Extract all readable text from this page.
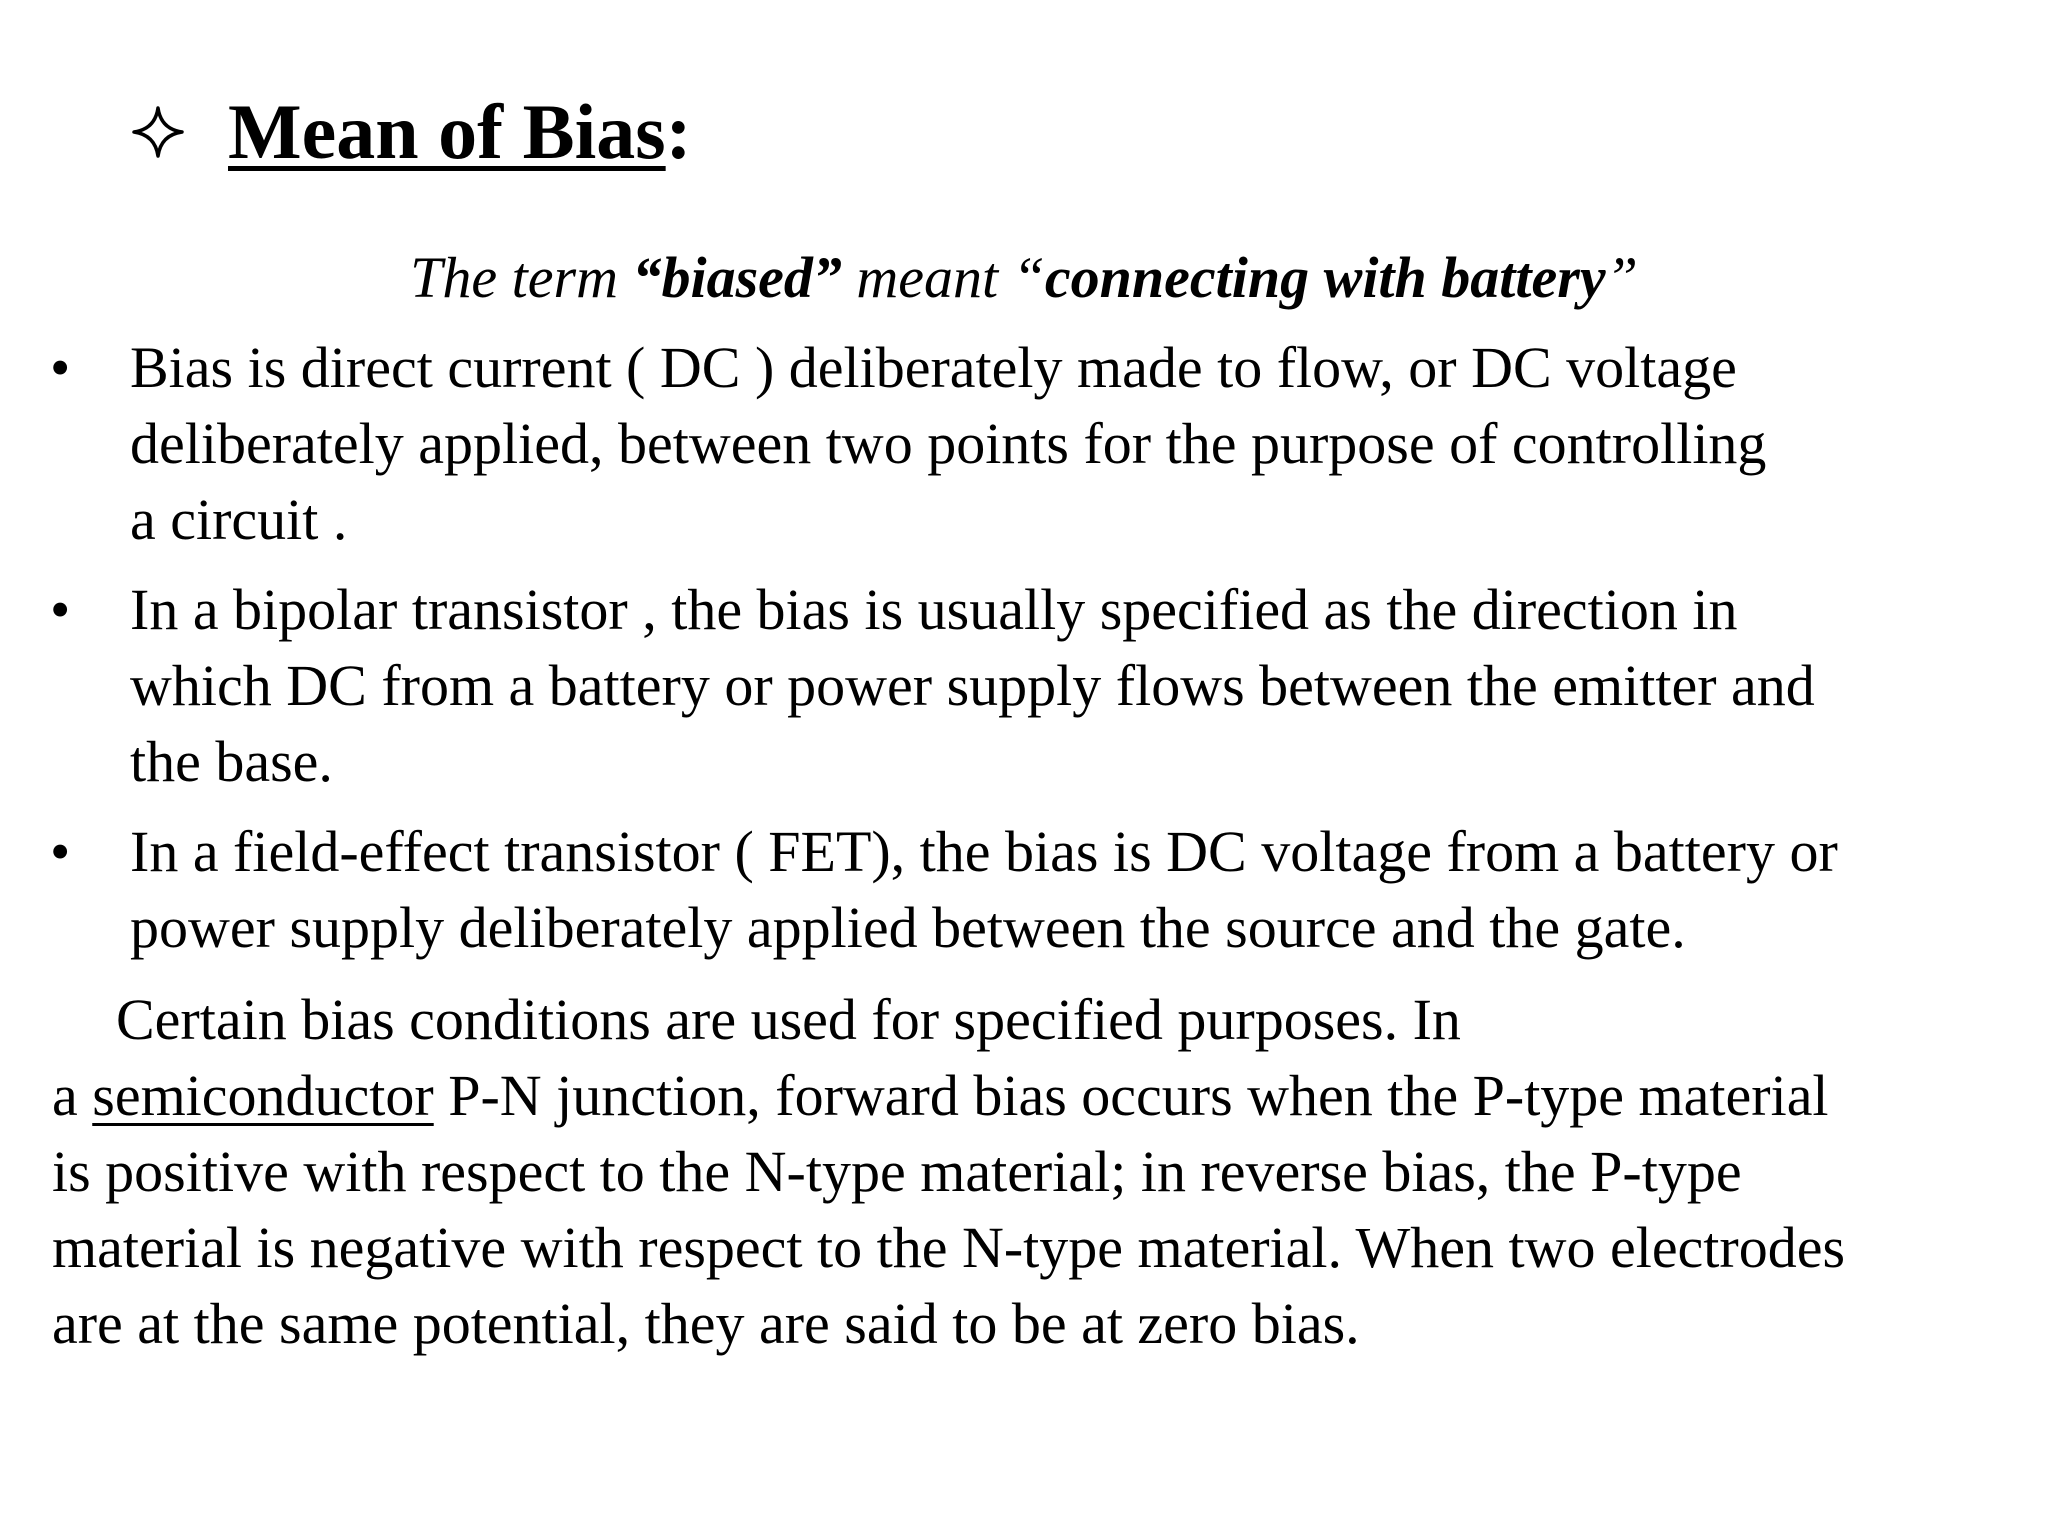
Mean of Bias:
The term “biased” meant “connecting with battery”
•	Bias is direct current ( DC ) deliberately made to flow, or DC voltage
deliberately applied, between two points for the purpose of controlling
a circuit .
•	In a bipolar transistor , the bias is usually specified as the direction in
which DC from a battery or power supply flows between the emitter and
the base.
•	In a field-effect transistor ( FET), the bias is DC voltage from a battery or
power supply deliberately applied between the source and the gate.
Certain bias conditions are used for specified purposes. In
a semiconductor P-N junction, forward bias occurs when the P-type material
is positive with respect to the N-type material; in reverse bias, the P-type
material is negative with respect to the N-type material. When two electrodes
are at the same potential, they are said to be at zero bias.
